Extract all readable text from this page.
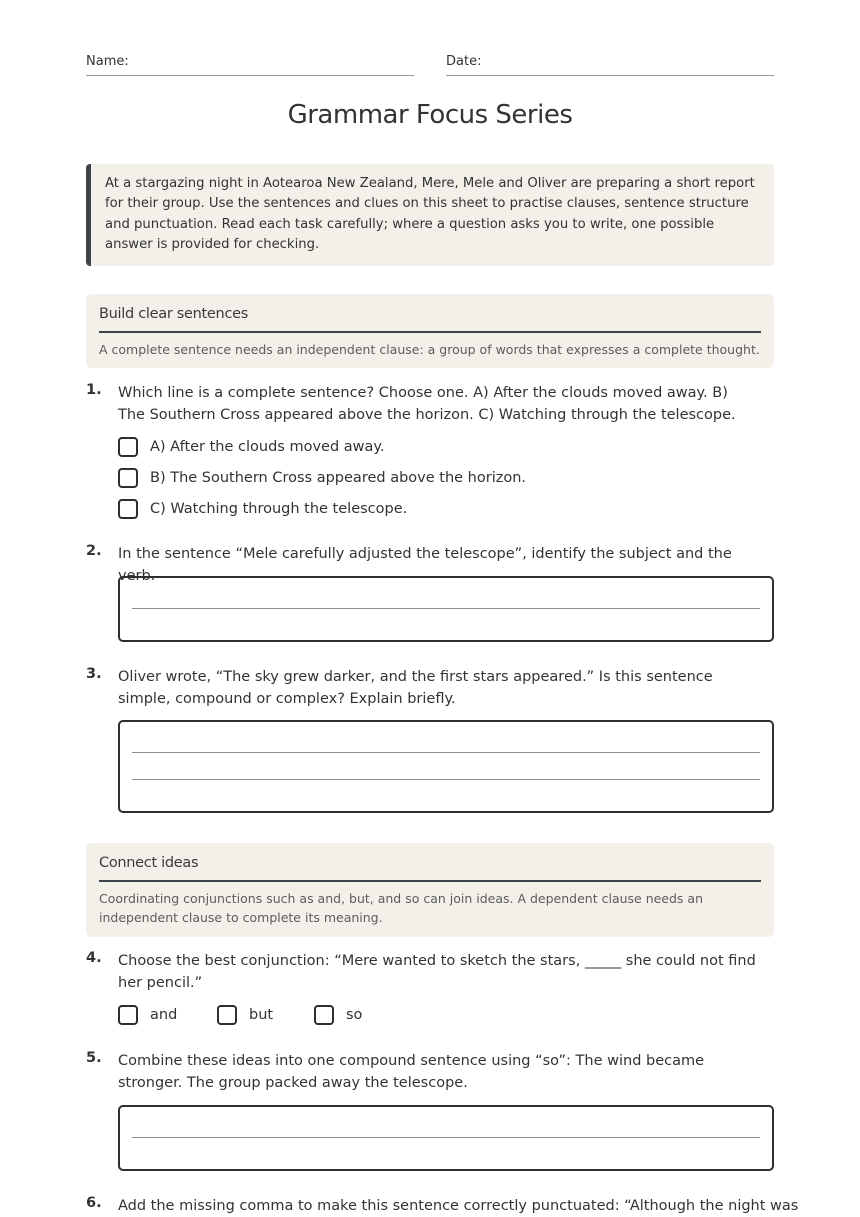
Name:	Date:
Grammar Focus Series
At a stargazing night in Aotearoa New Zealand, Mere, Mele and Oliver are preparing a short report for their group. Use the sentences and clues on this sheet to practise clauses, sentence structure and punctuation. Read each task carefully; where a question asks you to write, one possible answer is provided for checking.
Build clear sentences
A complete sentence needs an independent clause: a group of words that expresses a complete thought.
1. Which line is a complete sentence? Choose one. A) After the clouds moved away. B) The Southern Cross appeared above the horizon. C) Watching through the telescope.
A) After the clouds moved away.
B) The Southern Cross appeared above the horizon.
C) Watching through the telescope.
2. In the sentence “Mele carefully adjusted the telescope”, identify the subject and the verb.
3. Oliver wrote, “The sky grew darker, and the first stars appeared.” Is this sentence simple, compound or complex? Explain briefly.
Connect ideas
Coordinating conjunctions such as and, but, and so can join ideas. A dependent clause needs an independent clause to complete its meaning.
4. Choose the best conjunction: “Mere wanted to sketch the stars, _____ she could not find her pencil.”
and	but	so
5. Combine these ideas into one compound sentence using “so”: The wind became stronger. The group packed away the telescope.
6. Add the missing comma to make this sentence correctly punctuated: “Although the night was
